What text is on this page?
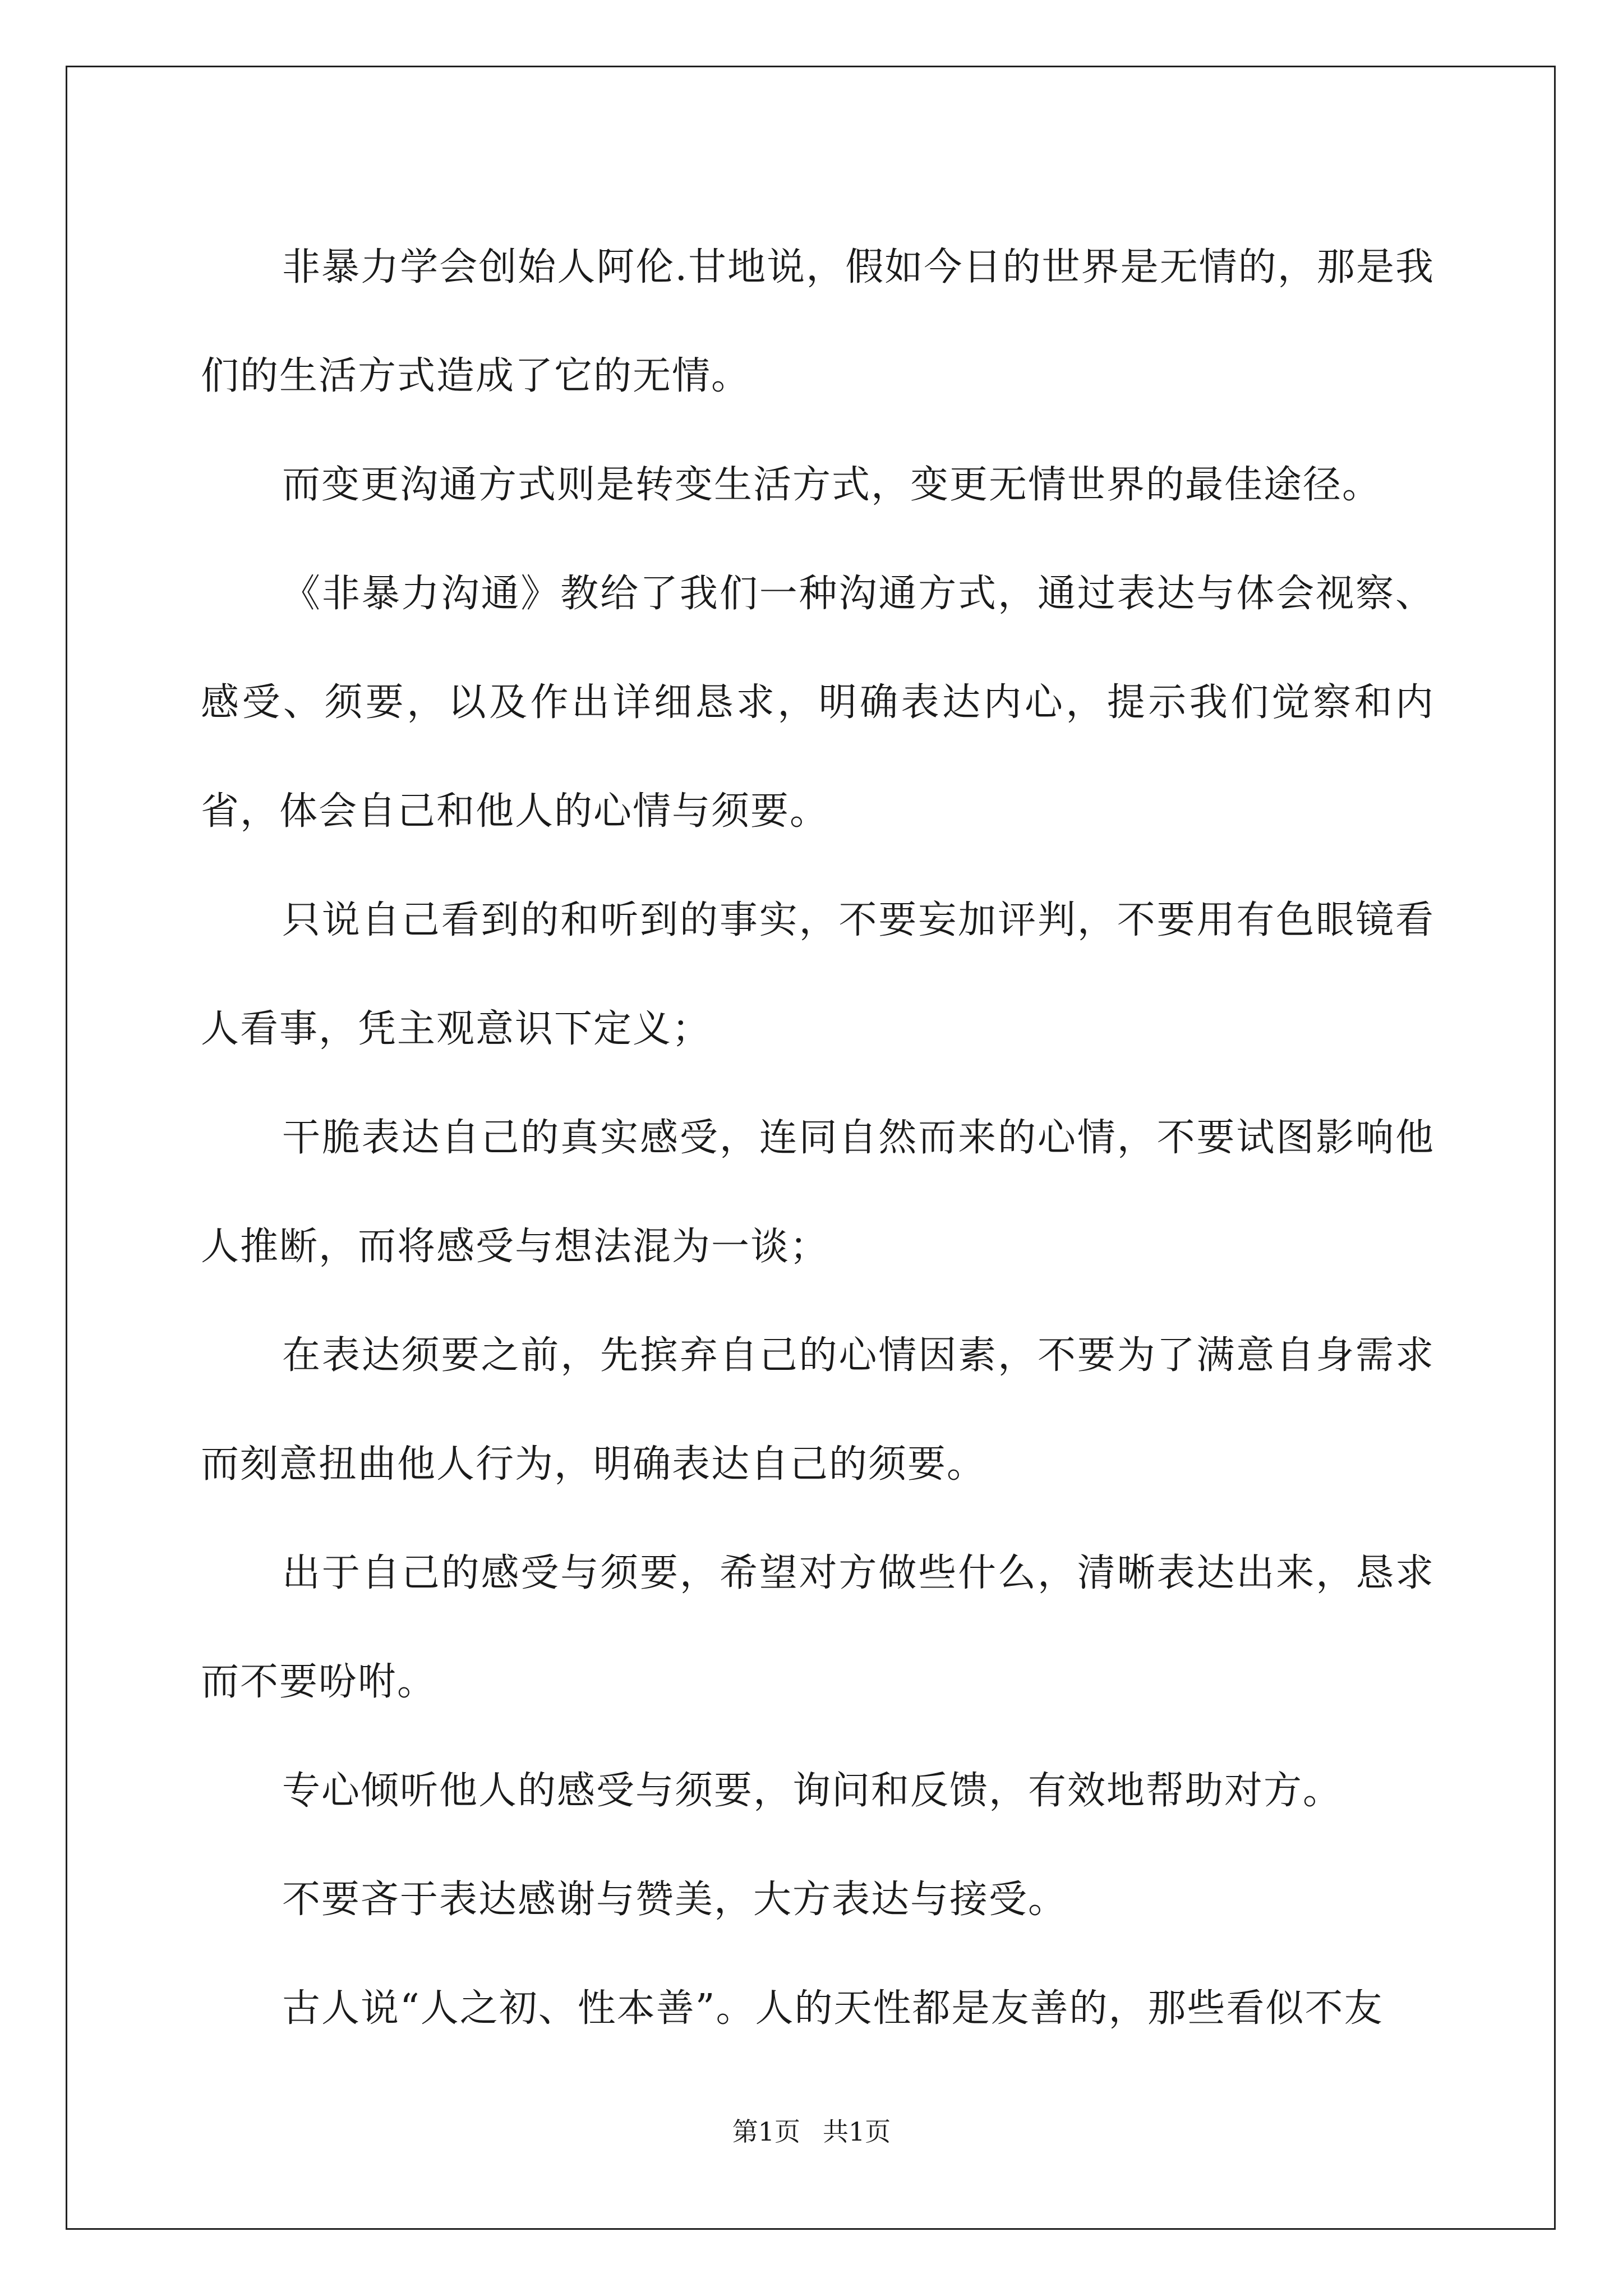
非暴力学会创始人阿伦.甘地说，假如今日的世界是无情的，那是我们的生活方式造成了它的无情。

而变更沟通方式则是转变生活方式，变更无情世界的最佳途径。

《非暴力沟通》教给了我们一种沟通方式，通过表达与体会视察、感受、须要，以及作出详细恳求，明确表达内心，提示我们觉察和内省，体会自己和他人的心情与须要。

只说自己看到的和听到的事实，不要妄加评判，不要用有色眼镜看人看事，凭主观意识下定义；

干脆表达自己的真实感受，连同自然而来的心情，不要试图影响他人推断，而将感受与想法混为一谈；

在表达须要之前，先摈弃自己的心情因素，不要为了满意自身需求而刻意扭曲他人行为，明确表达自己的须要。

出于自己的感受与须要，希望对方做些什么，清晰表达出来，恳求而不要吩咐。

专心倾听他人的感受与须要，询问和反馈，有效地帮助对方。

不要吝于表达感谢与赞美，大方表达与接受。

古人说“人之初、性本善”。人的天性都是友善的，那些看似不友

第1页 共1页
